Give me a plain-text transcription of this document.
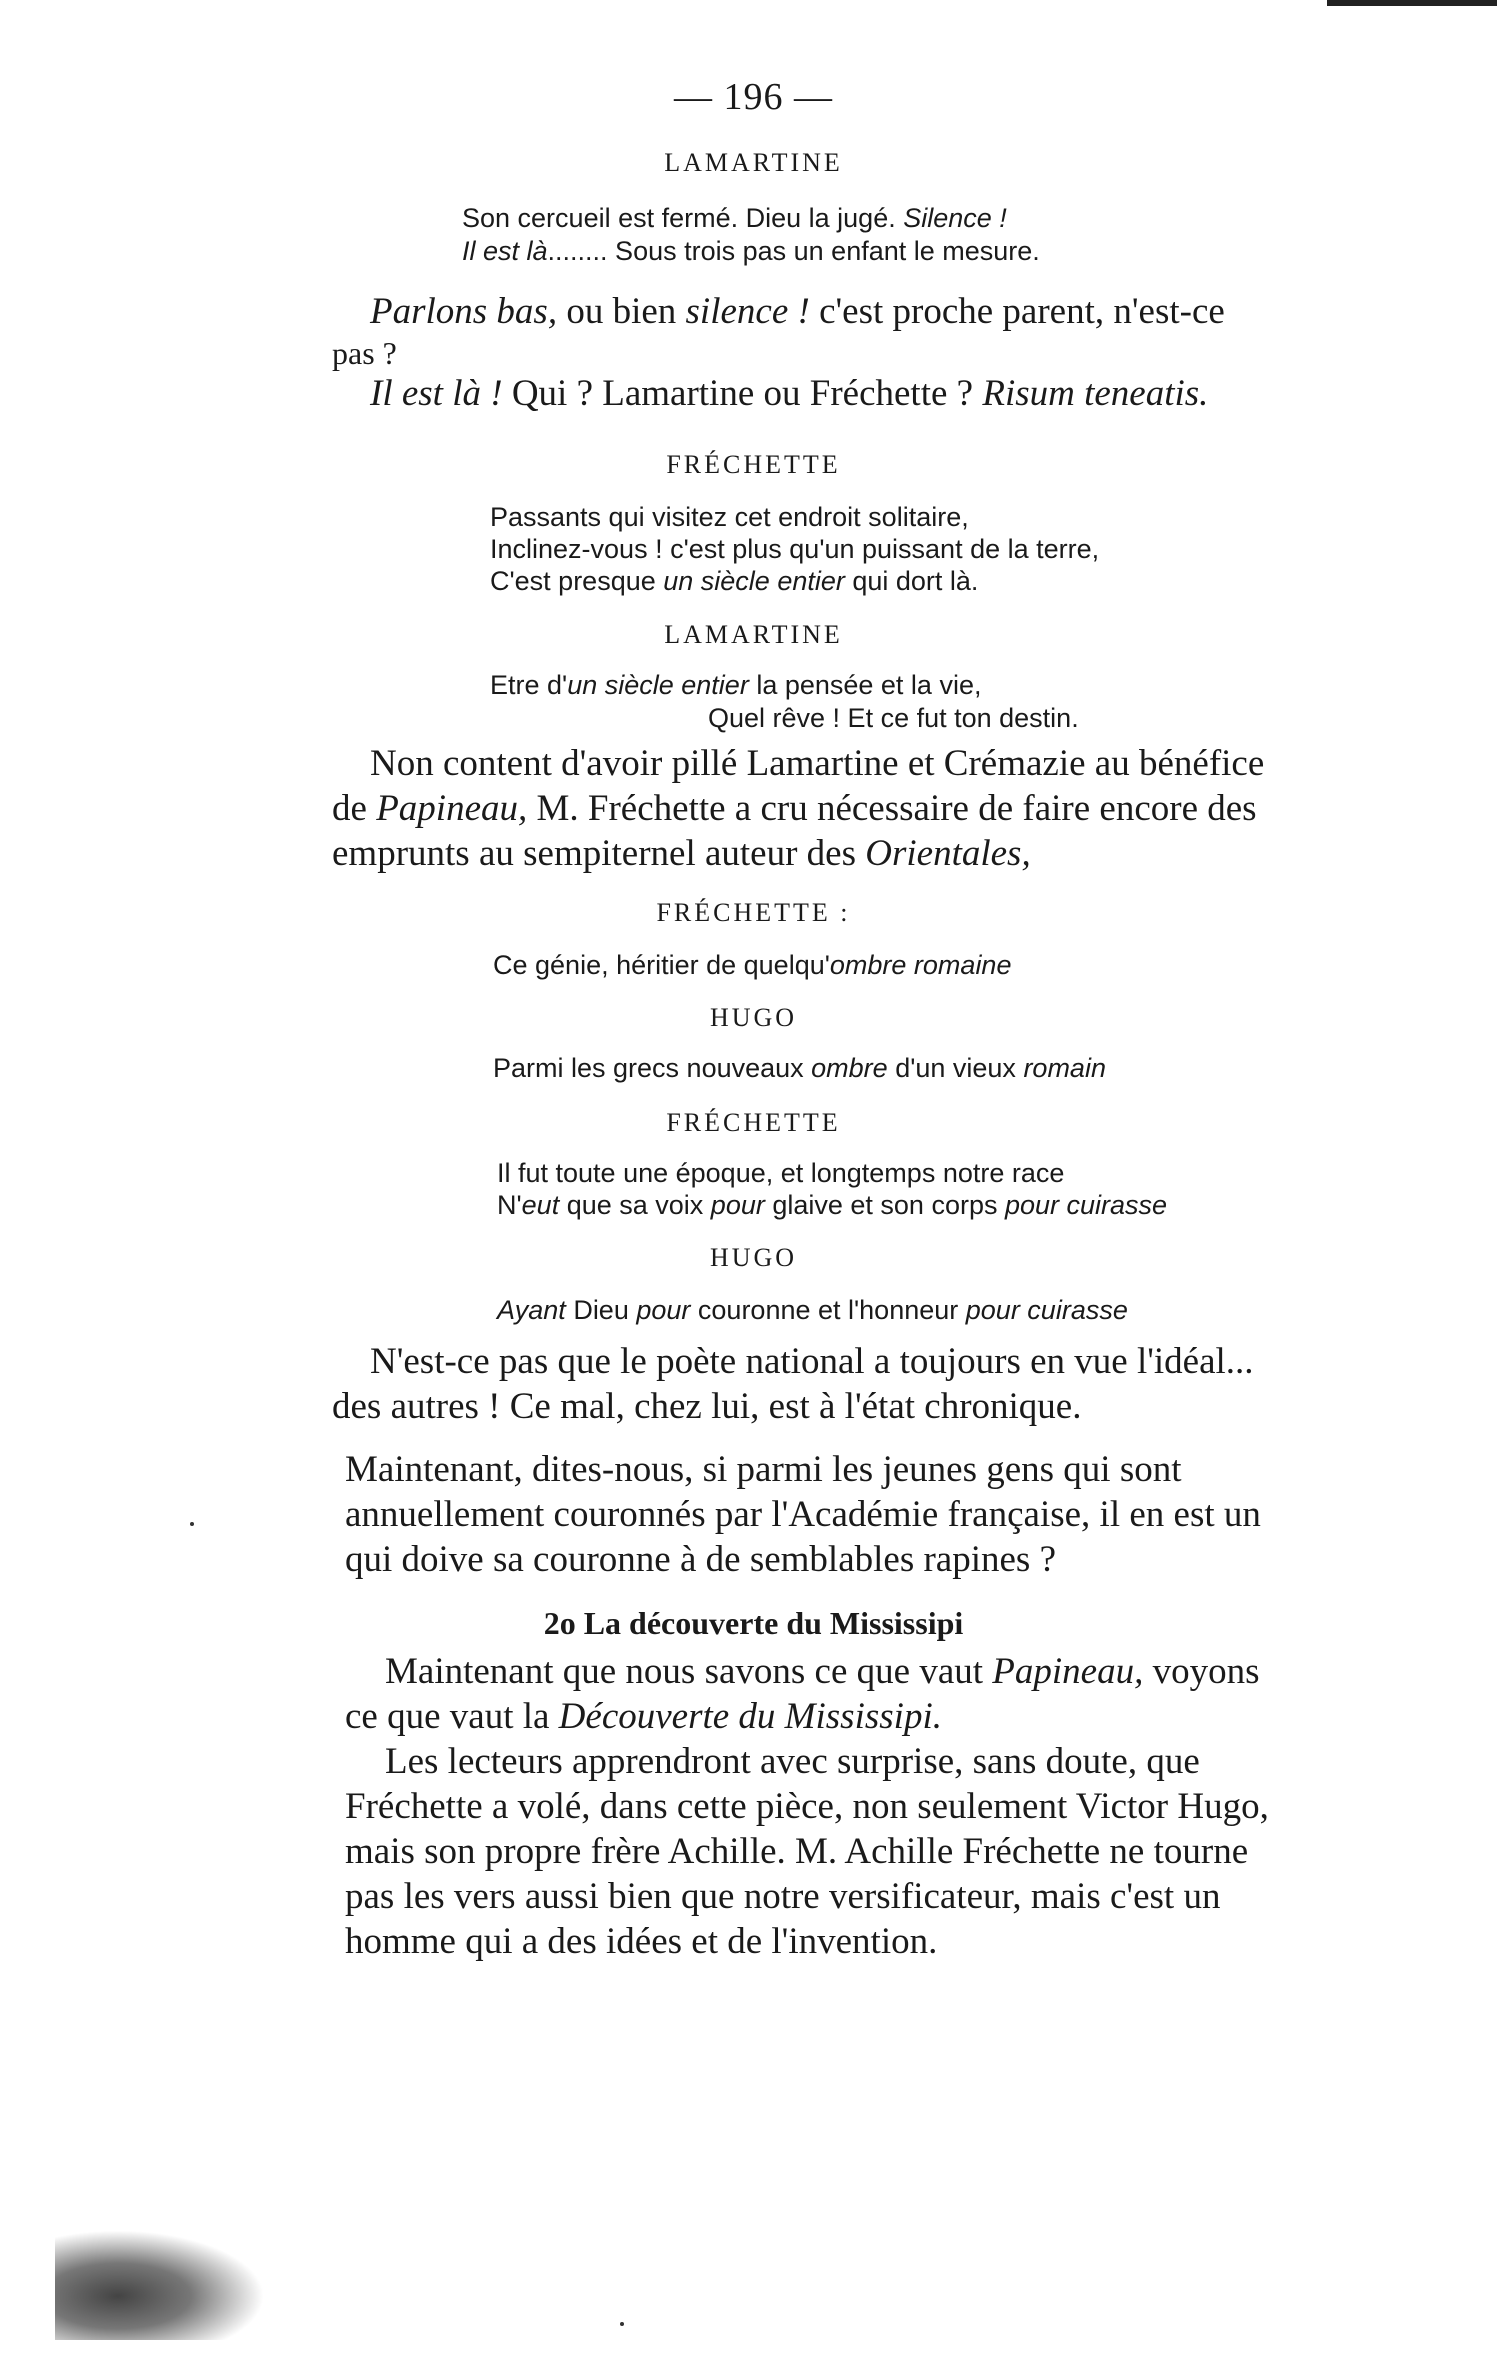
— 196 —
LAMARTINE
Son cercueil est fermé. Dieu la jugé. Silence !
Il est là........ Sous trois pas un enfant le mesure.
Parlons bas, ou bien silence ! c'est proche parent, n'est-ce
pas ?
Il est là ! Qui ? Lamartine ou Fréchette ? Risum teneatis.
FRÉCHETTE
Passants qui visitez cet endroit solitaire,
Inclinez-vous ! c'est plus qu'un puissant de la terre,
C'est presque un siècle entier qui dort là.
LAMARTINE
Etre d'un siècle entier la pensée et la vie,
Quel rêve ! Et ce fut ton destin.
Non content d'avoir pillé Lamartine et Crémazie au bénéfice
de Papineau, M. Fréchette a cru nécessaire de faire encore des
emprunts au sempiternel auteur des Orientales,
FRÉCHETTE :
Ce génie, héritier de quelqu'ombre romaine
HUGO
Parmi les grecs nouveaux ombre d'un vieux romain
FRÉCHETTE
Il fut toute une époque, et longtemps notre race
N'eut que sa voix pour glaive et son corps pour cuirasse
HUGO
Ayant Dieu pour couronne et l'honneur pour cuirasse
N'est-ce pas que le poète national a toujours en vue l'idéal...
des autres ! Ce mal, chez lui, est à l'état chronique.
Maintenant, dites-nous, si parmi les jeunes gens qui sont
annuellement couronnés par l'Académie française, il en est un
qui doive sa couronne à de semblables rapines ?
2o La découverte du Mississipi
Maintenant que nous savons ce que vaut Papineau, voyons
ce que vaut la Découverte du Mississipi.
Les lecteurs apprendront avec surprise, sans doute, que
Fréchette a volé, dans cette pièce, non seulement Victor Hugo,
mais son propre frère Achille. M. Achille Fréchette ne tourne
pas les vers aussi bien que notre versificateur, mais c'est un
homme qui a des idées et de l'invention.
